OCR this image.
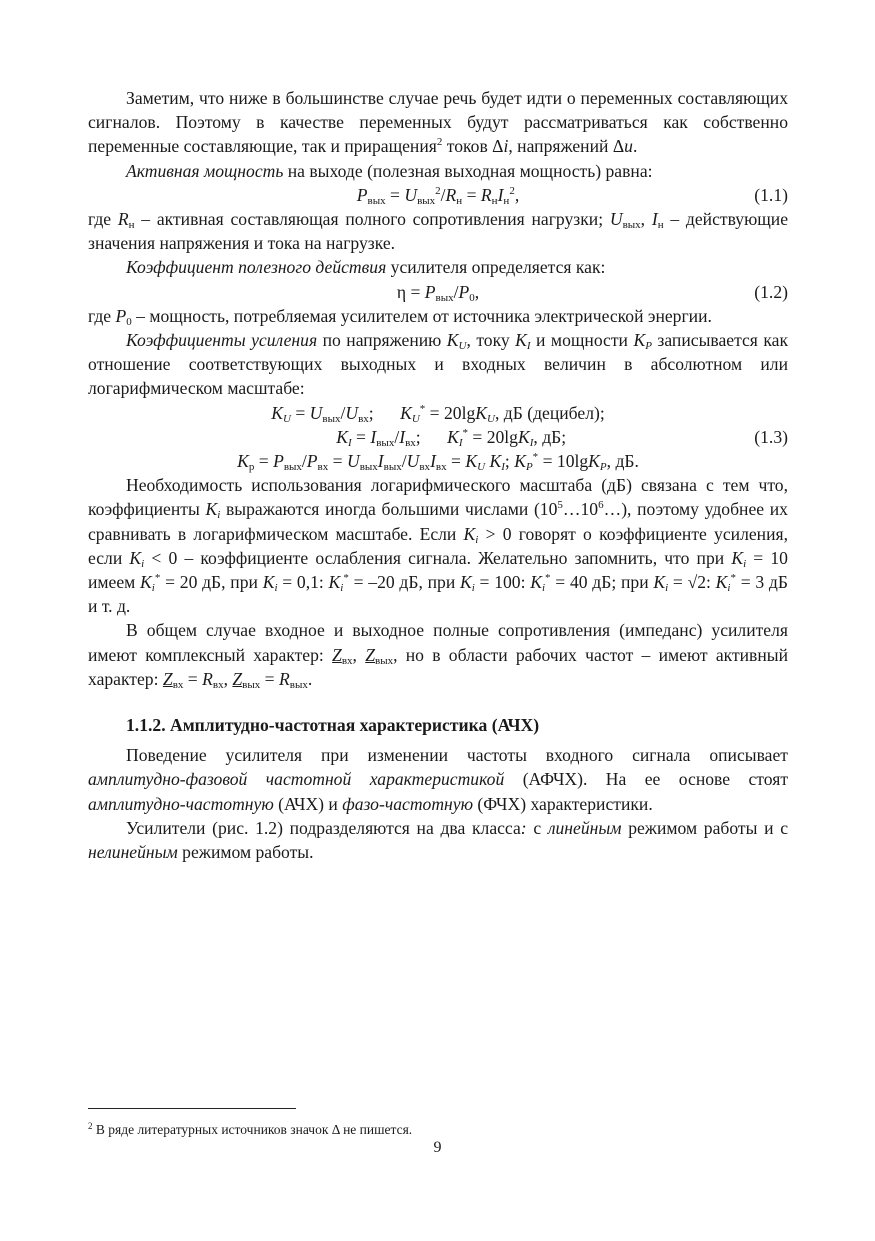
Заметим, что ниже в большинстве случае речь будет идти о переменных составляющих сигналов. Поэтому в качестве переменных будут рассматриваться как собственно переменные составляющие, так и приращения$^2$ токов Δi, напряжений Δu.

Активная мощность на выходе (полезная выходная мощность) равна:

$P_{вых} = U_{вых}^2/R_н = R_нI_н^2$,	(1.1)

где $R_н$ – активная составляющая полного сопротивления нагрузки; $U_{вых}$, $I_н$ – действующие значения напряжения и тока на нагрузке.

Коэффициент полезного действия усилителя определяется как:

$\eta = P_{вых}/P_0$,	(1.2)

где $P_0$ – мощность, потребляемая усилителем от источника электрической энергии.

Коэффициенты усиления по напряжению $K_U$, току $K_I$ и мощности $K_P$ записывается как отношение соответствующих выходных и входных величин в абсолютном или логарифмическом масштабе:

$K_U = U_{вых}/U_{вх}$;      $K_U^* = 20\lg K_U$, дБ (децибел);
$K_I = I_{вых}/I_{вх}$;      $K_I^* = 20\lg K_I$, дБ;
$K_р = P_{вых}/P_{вх} = U_{вых}I_{вых}/U_{вх}I_{вх} = K_U$ $K_I$; $K_P^* = 10\lg K_P$, дБ.
(1.3)

Необходимость использования логарифмического масштаба (дБ) связана с тем что, коэффициенты $K_i$ выражаются иногда большими числами $(10^5\dots 10^6\dots)$, поэтому удобнее их сравнивать в логарифмическом масштабе. Если $K_i > 0$ говорят о коэффициенте усиления, если $K_i < 0$ – коэффициенте ослабления сигнала. Желательно запомнить, что при $K_i = 10$ имеем $K_i^* = 20$ дБ, при $K_i = 0,1$: $K_i^* = -20$ дБ, при $K_i = 100$: $K_i^* = 40$ дБ; при $K_i = √2$: $K_i^* = 3$ дБ и т. д.

В общем случае входное и выходное полные сопротивления (импеданс) усилителя имеют комплексный характер: $Z_{вх}$, $Z_{вых}$, но в области рабочих частот – имеют активный характер: $Z_{вх} = R_{вх}$, $Z_{вых} = R_{вых}$.

1.1.2. Амплитудно-частотная характеристика (АЧХ)

Поведение усилителя при изменении частоты входного сигнала описывает амплитудно-фазовой частотной характеристикой (АФЧХ). На ее основе стоят амплитудно-частотную (АЧХ) и фазо-частотную (ФЧХ) характеристики.

Усилители (рис. 1.2) подразделяются на два класса: с линейным режимом работы и с нелинейным режимом работы.

$^2$ В ряде литературных источников значок Δ не пишется.
9
